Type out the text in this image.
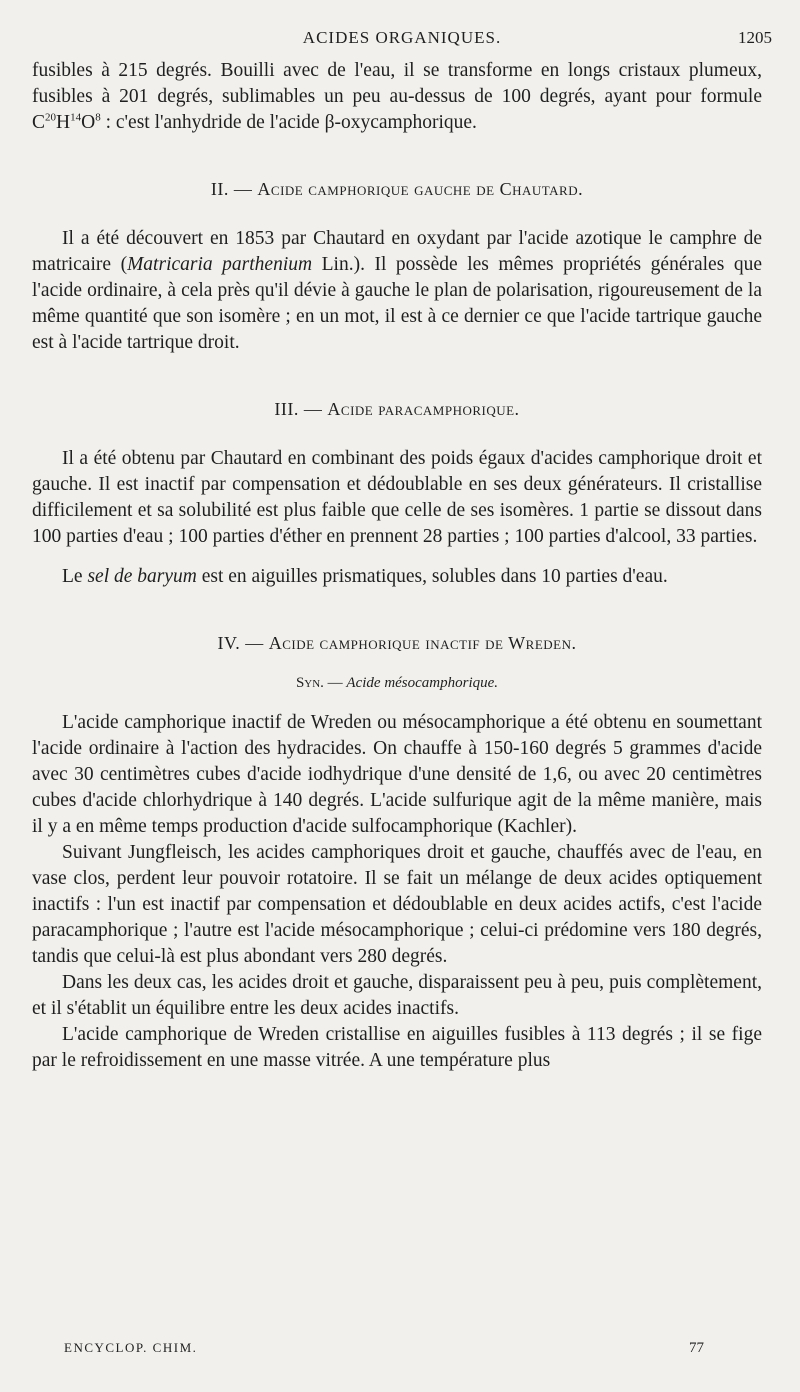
ACIDES ORGANIQUES.	1205

fusibles à 215 degrés. Bouilli avec de l'eau, il se transforme en longs cristaux plumeux, fusibles à 201 degrés, sublimables un peu au-dessus de 100 degrés, ayant pour formule $C^{20}H^{14}O^8$ : c'est l'anhydride de l'acide β-oxycamphorique.

II. — Acide camphorique gauche de Chautard.

Il a été découvert en 1853 par Chautard en oxydant par l'acide azotique le camphre de matricaire (Matricaria parthenium Lin.). Il possède les mêmes propriétés générales que l'acide ordinaire, à cela près qu'il dévie à gauche le plan de polarisation, rigoureusement de la même quantité que son isomère ; en un mot, il est à ce dernier ce que l'acide tartrique gauche est à l'acide tartrique droit.

III. — Acide paracamphorique.

Il a été obtenu par Chautard en combinant des poids égaux d'acides camphorique droit et gauche. Il est inactif par compensation et dédoublable en ses deux générateurs. Il cristallise difficilement et sa solubilité est plus faible que celle de ses isomères. 1 partie se dissout dans 100 parties d'eau ; 100 parties d'éther en prennent 28 parties ; 100 parties d'alcool, 33 parties.

Le sel de baryum est en aiguilles prismatiques, solubles dans 10 parties d'eau.

IV. — Acide camphorique inactif de Wreden.
Syn. — Acide mésocamphorique.

L'acide camphorique inactif de Wreden ou mésocamphorique a été obtenu en soumettant l'acide ordinaire à l'action des hydracides. On chauffe à 150-160 degrés 5 grammes d'acide avec 30 centimètres cubes d'acide iodhydrique d'une densité de 1,6, ou avec 20 centimètres cubes d'acide chlorhydrique à 140 degrés. L'acide sulfurique agit de la même manière, mais il y a en même temps production d'acide sulfocamphorique (Kachler).

Suivant Jungfleisch, les acides camphoriques droit et gauche, chauffés avec de l'eau, en vase clos, perdent leur pouvoir rotatoire. Il se fait un mélange de deux acides optiquement inactifs : l'un est inactif par compensation et dédoublable en deux acides actifs, c'est l'acide paracamphorique ; l'autre est l'acide mésocamphorique ; celui-ci prédomine vers 180 degrés, tandis que celui-là est plus abondant vers 280 degrés.

Dans les deux cas, les acides droit et gauche, disparaissent peu à peu, puis complètement, et il s'établit un équilibre entre les deux acides inactifs.

L'acide camphorique de Wreden cristallise en aiguilles fusibles à 113 degrés ; il se fige par le refroidissement en une masse vitrée. A une température plus

ENCYCLOP. CHIM.	77
